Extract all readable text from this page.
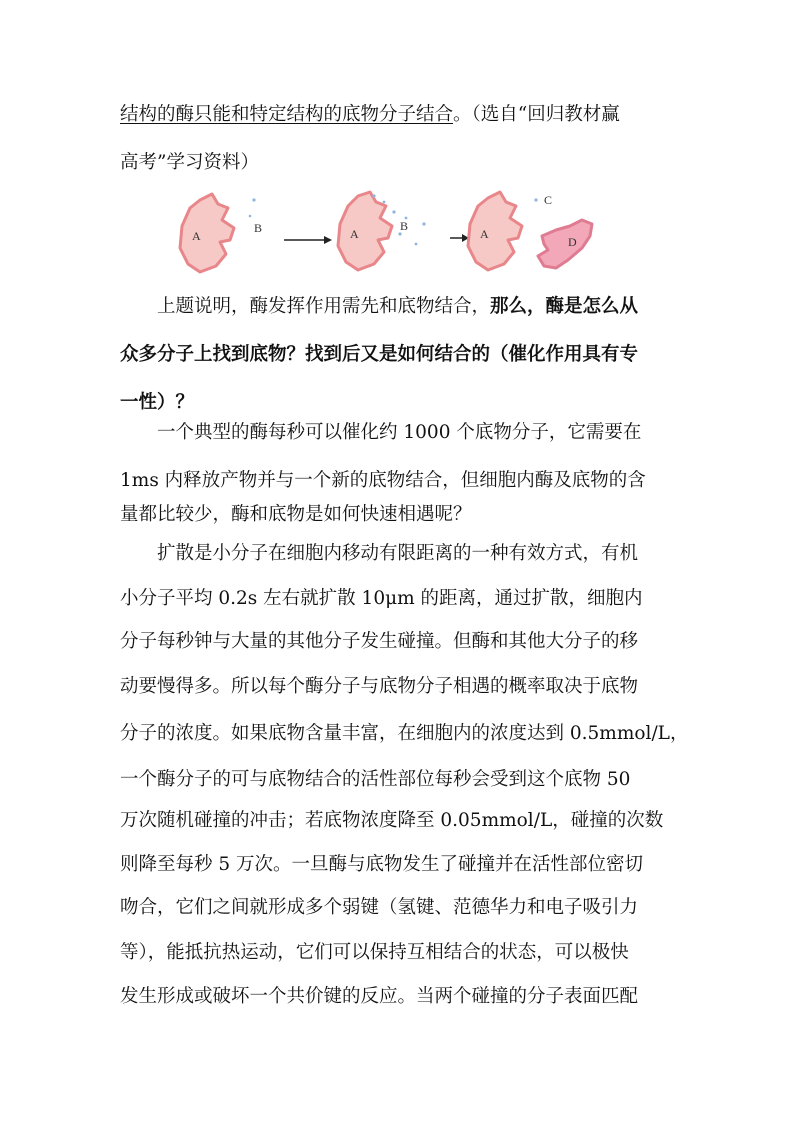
结构的酶只能和特定结构的底物分子结合。（选自“回归教材赢
高考”学习资料）
上题说明，酶发挥作用需先和底物结合，那么，酶是怎么从
众多分子上找到底物？找到后又是如何结合的（催化作用具有专
一性）？
一个典型的酶每秒可以催化约 1000 个底物分子，它需要在
1ms 内释放产物并与一个新的底物结合，但细胞内酶及底物的含
量都比较少，酶和底物是如何快速相遇呢？
扩散是小分子在细胞内移动有限距离的一种有效方式，有机
小分子平均 0.2s 左右就扩散 10μm 的距离，通过扩散，细胞内
分子每秒钟与大量的其他分子发生碰撞。但酶和其他大分子的移
动要慢得多。所以每个酶分子与底物分子相遇的概率取决于底物
分子的浓度。如果底物含量丰富，在细胞内的浓度达到 0.5mmol/L，
一个酶分子的可与底物结合的活性部位每秒会受到这个底物 50
万次随机碰撞的冲击；若底物浓度降至 0.05mmol/L，碰撞的次数
则降至每秒 5 万次。一旦酶与底物发生了碰撞并在活性部位密切
吻合，它们之间就形成多个弱键（氢键、范德华力和电子吸引力
等），能抵抗热运动，它们可以保持互相结合的状态，可以极快
发生形成或破坏一个共价键的反应。当两个碰撞的分子表面匹配
A
B	A
B
A
C
D
